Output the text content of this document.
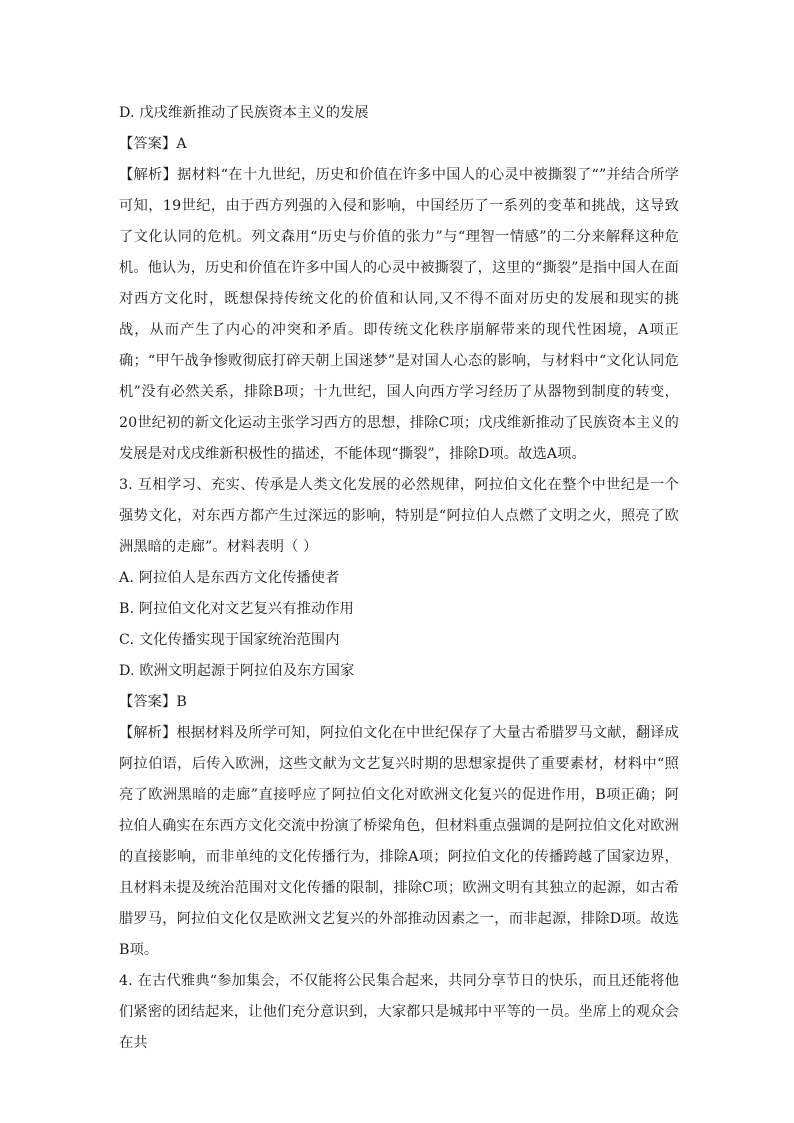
D. 戊戌维新推动了民族资本主义的发展
【答案】A
【解析】据材料“在十九世纪，历史和价值在许多中国人的心灵中被撕裂了“”并结合所学可知，19世纪，由于西方列强的入侵和影响，中国经历了一系列的变革和挑战，这导致了文化认同的危机。列文森用“历史与价值的张力”与“理智一情感”的二分来解释这种危机。他认为，历史和价值在许多中国人的心灵中被撕裂了，这里的“撕裂”是指中国人在面对西方文化时，既想保持传统文化的价值和认同,又不得不面对历史的发展和现实的挑战，从而产生了内心的冲突和矛盾。即传统文化秩序崩解带来的现代性困境，A项正确；“甲午战争惨败彻底打碎天朝上国迷梦”是对国人心态的影响，与材料中“文化认同危机”没有必然关系，排除B项；十九世纪，国人向西方学习经历了从器物到制度的转变，20世纪初的新文化运动主张学习西方的思想，排除C项；戊戌维新推动了民族资本主义的发展是对戊戌维新积极性的描述，不能体现“撕裂”，排除D项。故选A项。
3. 互相学习、充实、传承是人类文化发展的必然规律，阿拉伯文化在整个中世纪是一个强势文化，对东西方都产生过深远的影响，特别是“阿拉伯人点燃了文明之火，照亮了欧洲黑暗的走廊”。材料表明（ ）
A. 阿拉伯人是东西方文化传播使者
B. 阿拉伯文化对文艺复兴有推动作用
C. 文化传播实现于国家统治范围内
D. 欧洲文明起源于阿拉伯及东方国家
【答案】B
【解析】根据材料及所学可知，阿拉伯文化在中世纪保存了大量古希腊罗马文献，翻译成阿拉伯语，后传入欧洲，这些文献为文艺复兴时期的思想家提供了重要素材，材料中“照亮了欧洲黑暗的走廊”直接呼应了阿拉伯文化对欧洲文化复兴的促进作用，B项正确；阿拉伯人确实在东西方文化交流中扮演了桥梁角色，但材料重点强调的是阿拉伯文化对欧洲的直接影响，而非单纯的文化传播行为，排除A项；阿拉伯文化的传播跨越了国家边界，且材料未提及统治范围对文化传播的限制，排除C项；欧洲文明有其独立的起源，如古希腊罗马，阿拉伯文化仅是欧洲文艺复兴的外部推动因素之一，而非起源，排除D项。故选B项。
4. 在古代雅典“参加集会，不仅能将公民集合起来，共同分享节日的快乐，而且还能将他们紧密的团结起来，让他们充分意识到，大家都只是城邦中平等的一员。坐席上的观众会在共
